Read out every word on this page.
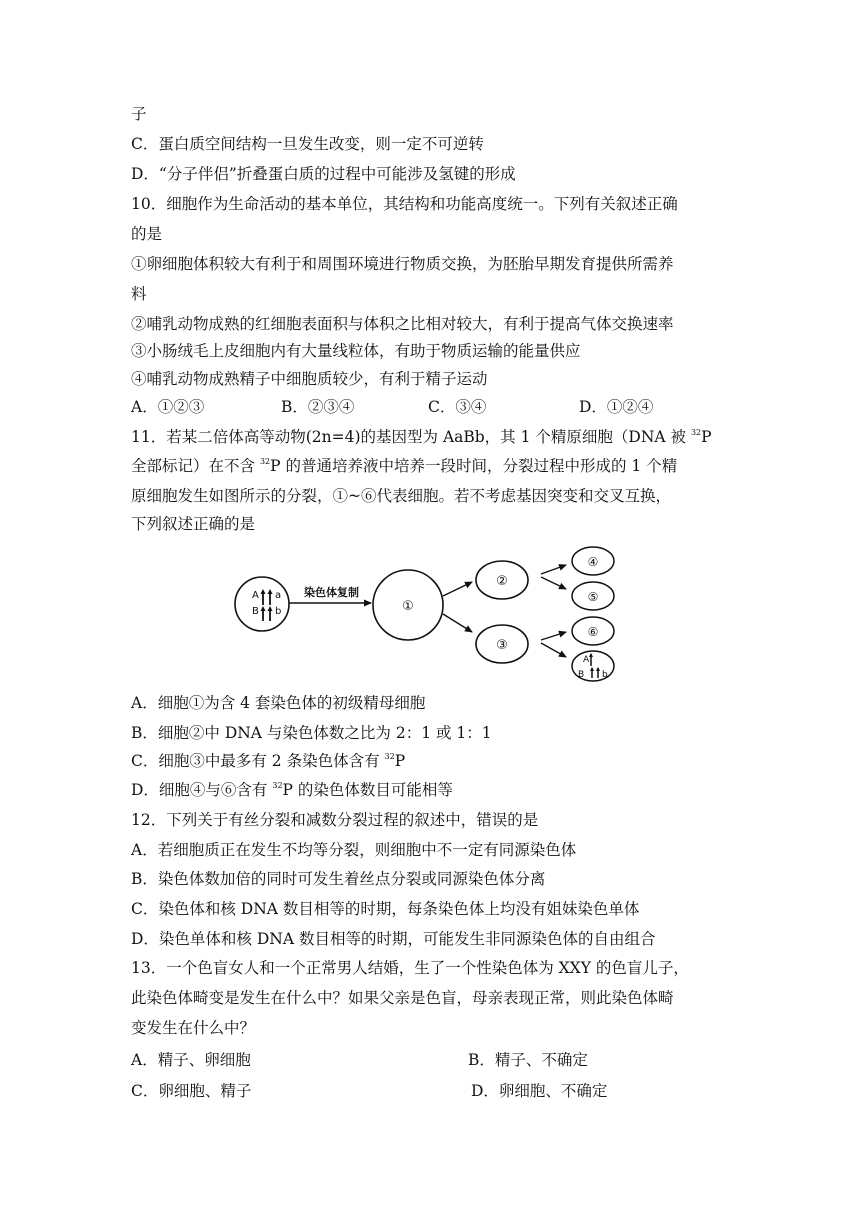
子
C．蛋白质空间结构一旦发生改变，则一定不可逆转
D．“分子伴侣”折叠蛋白质的过程中可能涉及氢键的形成
10．细胞作为生命活动的基本单位，其结构和功能高度统一。下列有关叙述正确
的是
①卵细胞体积较大有利于和周围环境进行物质交换，为胚胎早期发育提供所需养
料
②哺乳动物成熟的红细胞表面积与体积之比相对较大，有利于提高气体交换速率
③小肠绒毛上皮细胞内有大量线粒体，有助于物质运输的能量供应
④哺乳动物成熟精子中细胞质较少，有利于精子运动
A．①②③	B．②③④	C．③④	D．①②④
11．若某二倍体高等动物(2n=4)的基因型为 AaBb，其 1 个精原细胞（DNA 被 $^{32}$P
全部标记）在不含 $^{32}$P 的普通培养液中培养一段时间，分裂过程中形成的 1 个精
原细胞发生如图所示的分裂，①~⑥代表细胞。若不考虑基因突变和交叉互换，
下列叙述正确的是
A
B
a
b
染色体复制
①
②
③
④
⑤
⑥
A
B b
A．细胞①为含 4 套染色体的初级精母细胞
B．细胞②中 DNA 与染色体数之比为 2：1 或 1：1
C．细胞③中最多有 2 条染色体含有 $^{32}$P
D．细胞④与⑥含有 $^{32}$P 的染色体数目可能相等
12．下列关于有丝分裂和减数分裂过程的叙述中，错误的是
A．若细胞质正在发生不均等分裂，则细胞中不一定有同源染色体
B．染色体数加倍的同时可发生着丝点分裂或同源染色体分离
C．染色体和核 DNA 数目相等的时期，每条染色体上均没有姐妹染色单体
D．染色单体和核 DNA 数目相等的时期，可能发生非同源染色体的自由组合
13．一个色盲女人和一个正常男人结婚，生了一个性染色体为 XXY 的色盲儿子，
此染色体畸变是发生在什么中？如果父亲是色盲，母亲表现正常，则此染色体畸
变发生在什么中？
A．精子、卵细胞	B．精子、不确定
C．卵细胞、精子	D．卵细胞、不确定
